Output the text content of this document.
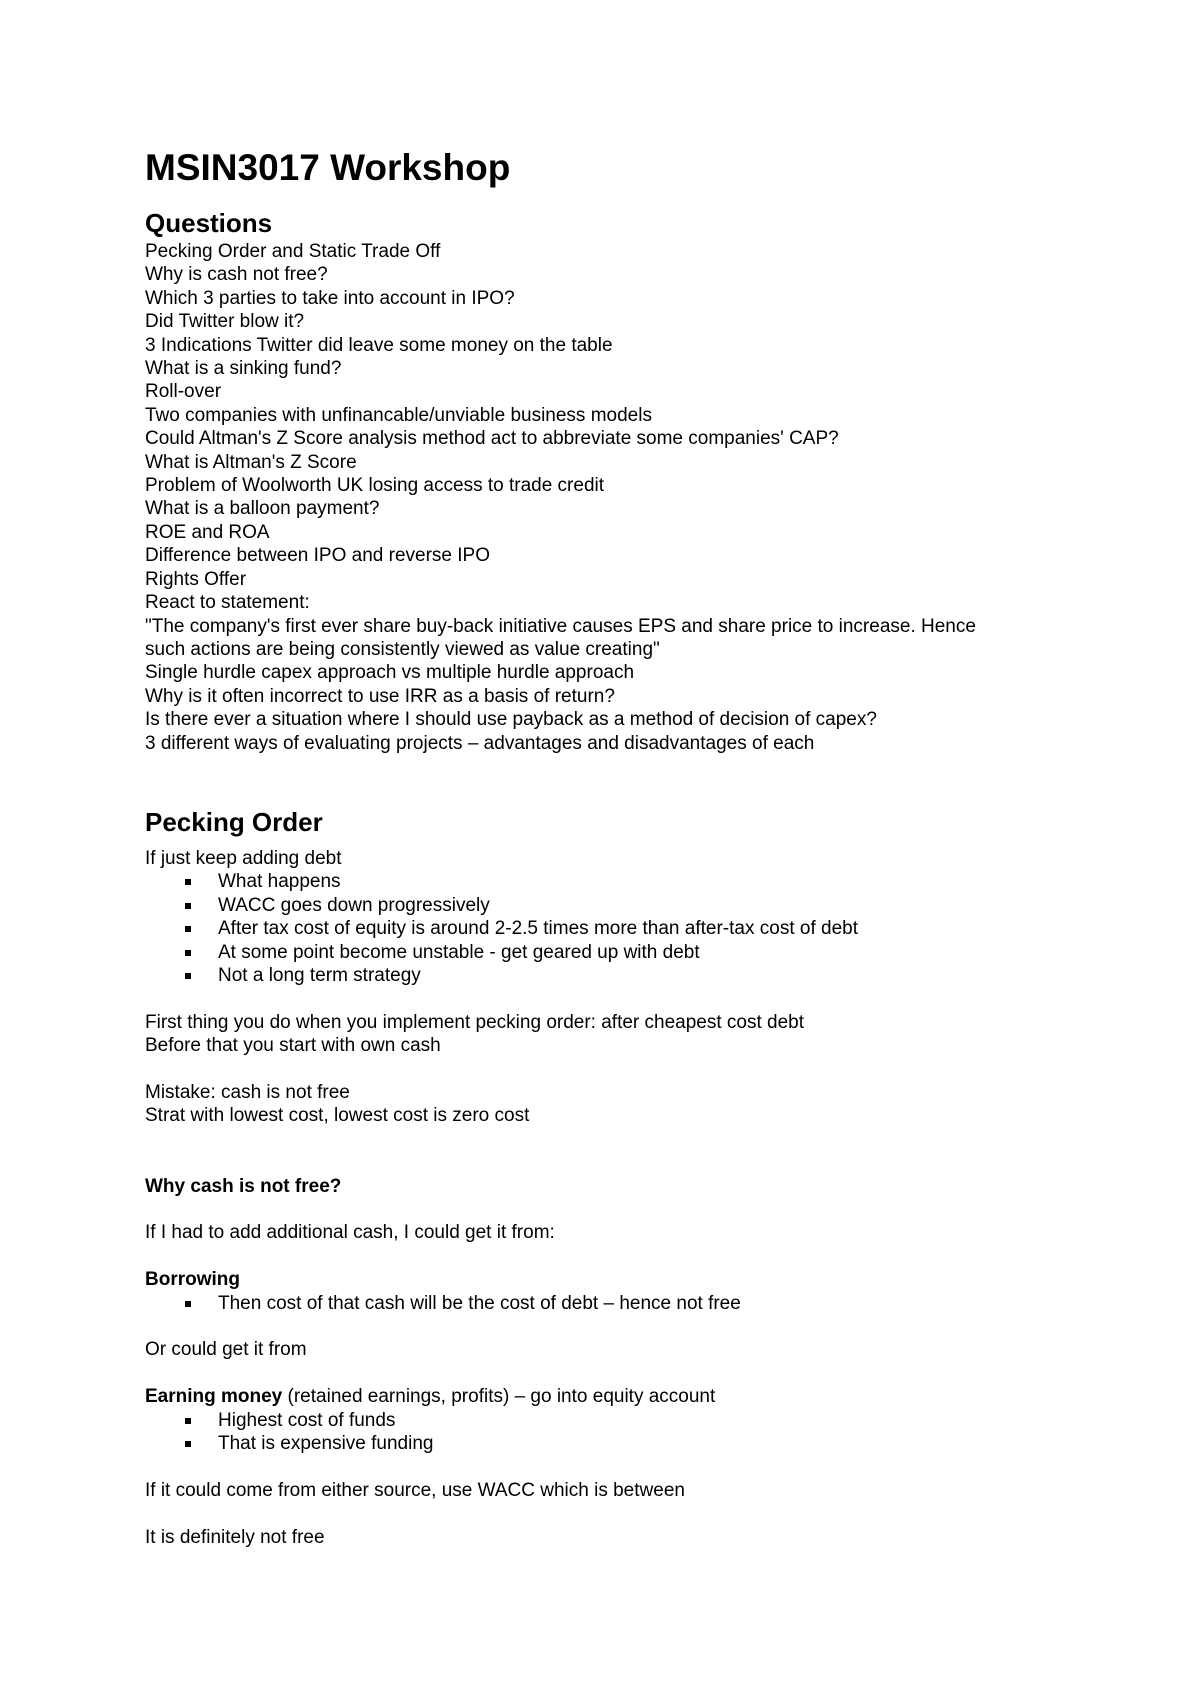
MSIN3017 Workshop
Questions

Pecking Order and Static Trade Off

Why is cash not free?

Which 3 parties to take into account in IPO?

Did Twitter blow it?

3 Indications Twitter did leave some money on the table

What is a sinking fund?

Roll-over

Two companies with unfinancable/unviable business models

Could Altman's Z Score analysis method act to abbreviate some companies' CAP?

What is Altman's Z Score

Problem of Woolworth UK losing access to trade credit

What is a balloon payment?

ROE and ROA

Difference between IPO and reverse IPO

Rights Offer

React to statement:

"The company's first ever share buy-back initiative causes EPS and share price to increase. Hence

such actions are being consistently viewed as value creating"

Single hurdle capex approach vs multiple hurdle approach

Why is it often incorrect to use IRR as a basis of return?

Is there ever a situation where I should use payback as a method of decision of capex?

3 different ways of evaluating projects – advantages and disadvantages of each

Pecking Order

If just keep adding debt

What happens
WACC goes down progressively
After tax cost of equity is around 2-2.5 times more than after-tax cost of debt
At some point become unstable - get geared up with debt
Not a long term strategy

First thing you do when you implement pecking order: after cheapest cost debt

Before that you start with own cash

Mistake: cash is not free

Strat with lowest cost, lowest cost is zero cost

Why cash is not free?

If I had to add additional cash, I could get it from:

Borrowing

Then cost of that cash will be the cost of debt – hence not free

Or could get it from

Earning money (retained earnings, profits) – go into equity account

Highest cost of funds
That is expensive funding

If it could come from either source, use WACC which is between

It is definitely not free
